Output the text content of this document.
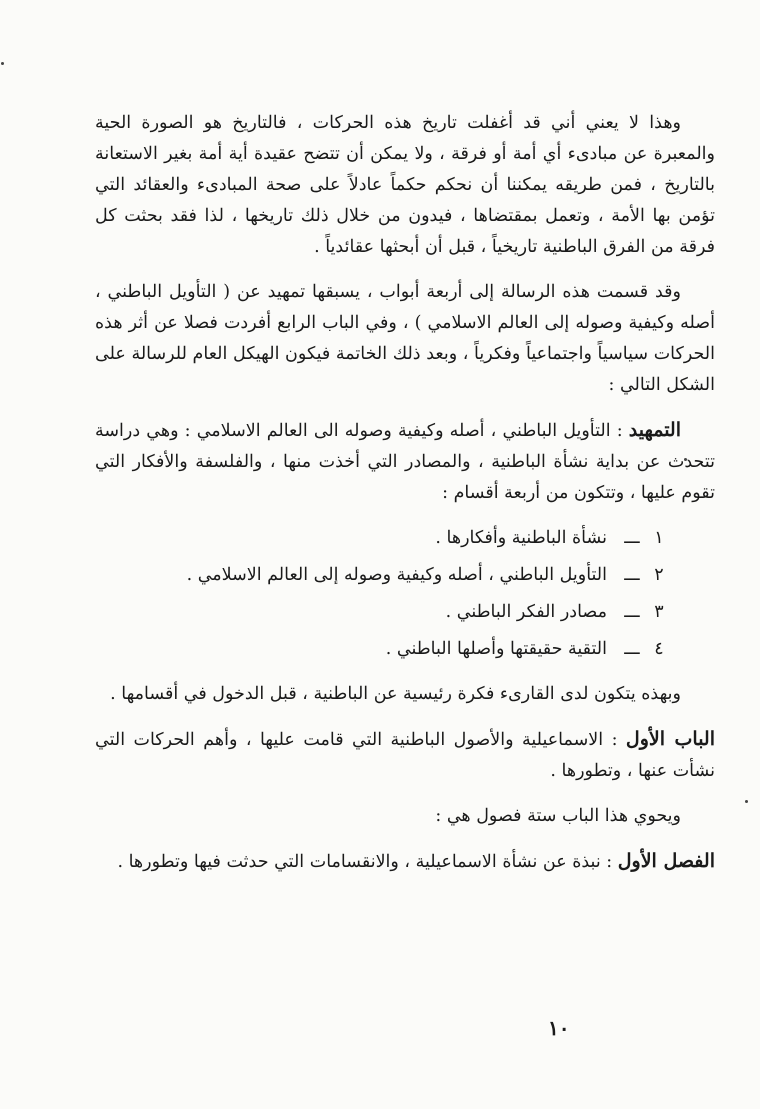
وهذا لا يعني أني قد أغفلت تاريخ هذه الحركات ، فالتاريخ هو الصورة الحية والمعبرة عن مبادىء أي أمة أو فرقة ، ولا يمكن أن تتضح عقيدة أية أمة بغير الاستعانة بالتاريخ ، فمن طريقه يمكننا أن نحكم حكماً عادلاً على صحة المبادىء والعقائد التي تؤمن بها الأمة ، وتعمل بمقتضاها ، فيدون من خلال ذلك تاريخها ، لذا فقد بحثت كل فرقة من الفرق الباطنية تاريخياً ، قبل أن أبحثها عقائدياً .

وقد قسمت هذه الرسالة إلى أربعة أبواب ، يسبقها تمهيد عن ( التأويل الباطني ، أصله وكيفية وصوله إلى العالم الاسلامي ) ، وفي الباب الرابع أفردت فصلا عن أثر هذه الحركات سياسياً واجتماعياً وفكرياً ، وبعد ذلك الخاتمة فيكون الهيكل العام للرسالة على الشكل التالي :

التمهيد : التأويل الباطني ، أصله وكيفية وصوله الى العالم الاسلامي : وهي دراسة تتحدث عن بداية نشأة الباطنية ، والمصادر التي أخذت منها ، والفلسفة والأفكار التي تقوم عليها ، وتتكون من أربعة أقسام :

١
ـــ
نشأة الباطنية وأفكارها .
٢
ـــ
التأويل الباطني ، أصله وكيفية وصوله إلى العالم الاسلامي .
٣
ـــ
مصادر الفكر الباطني .
٤
ـــ
التقية حقيقتها وأصلها الباطني .

وبهذه يتكون لدى القارىء فكرة رئيسية عن الباطنية ، قبل الدخول في أقسامها .

الباب الأول : الاسماعيلية والأصول الباطنية التي قامت عليها ، وأهم الحركات التي نشأت عنها ، وتطورها .

ويحوي هذا الباب ستة فصول هي :

الفصل الأول : نبذة عن نشأة الاسماعيلية ، والانقسامات التي حدثت فيها وتطورها .

١٠
